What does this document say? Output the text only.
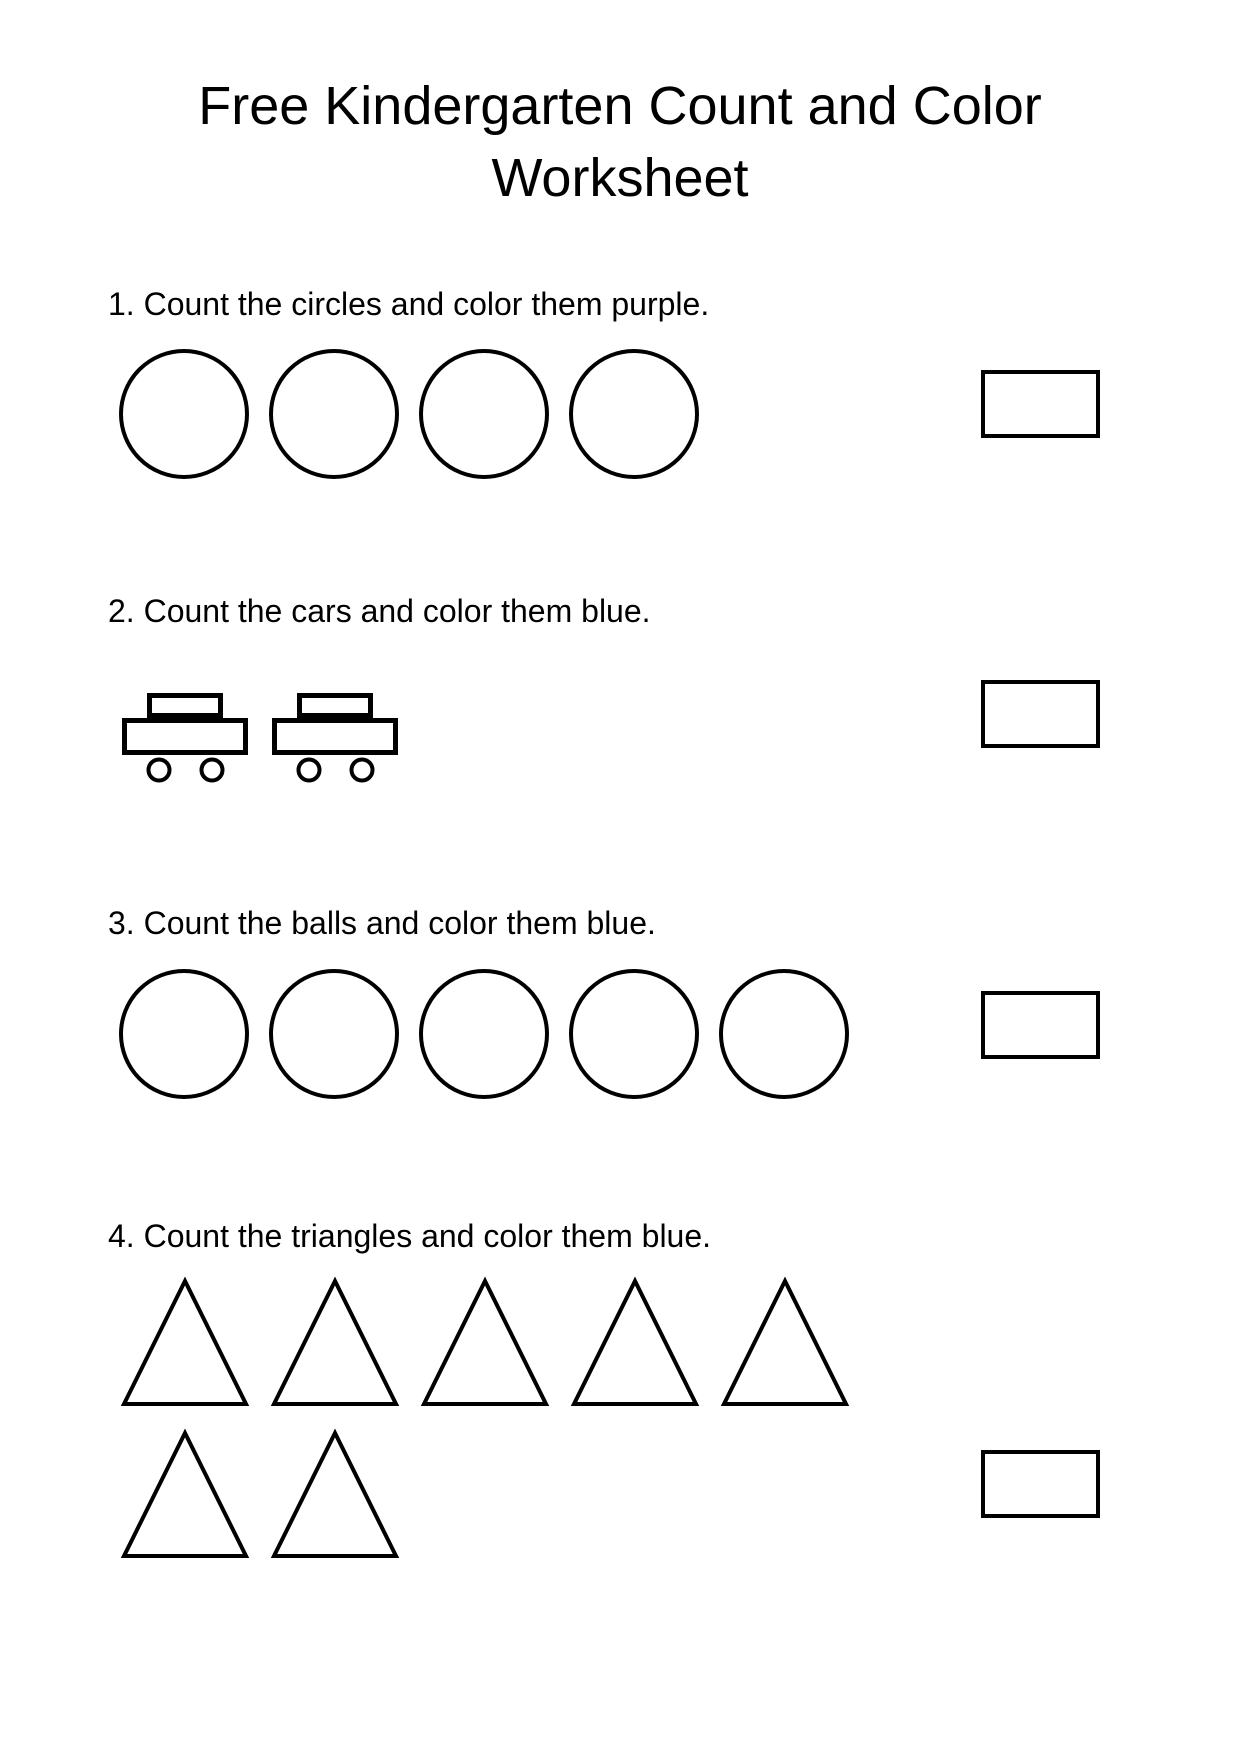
Free Kindergarten Count and Color
Worksheet
1. Count the circles and color them purple.
2. Count the cars and color them blue.
3. Count the balls and color them blue.
4. Count the triangles and color them blue.
